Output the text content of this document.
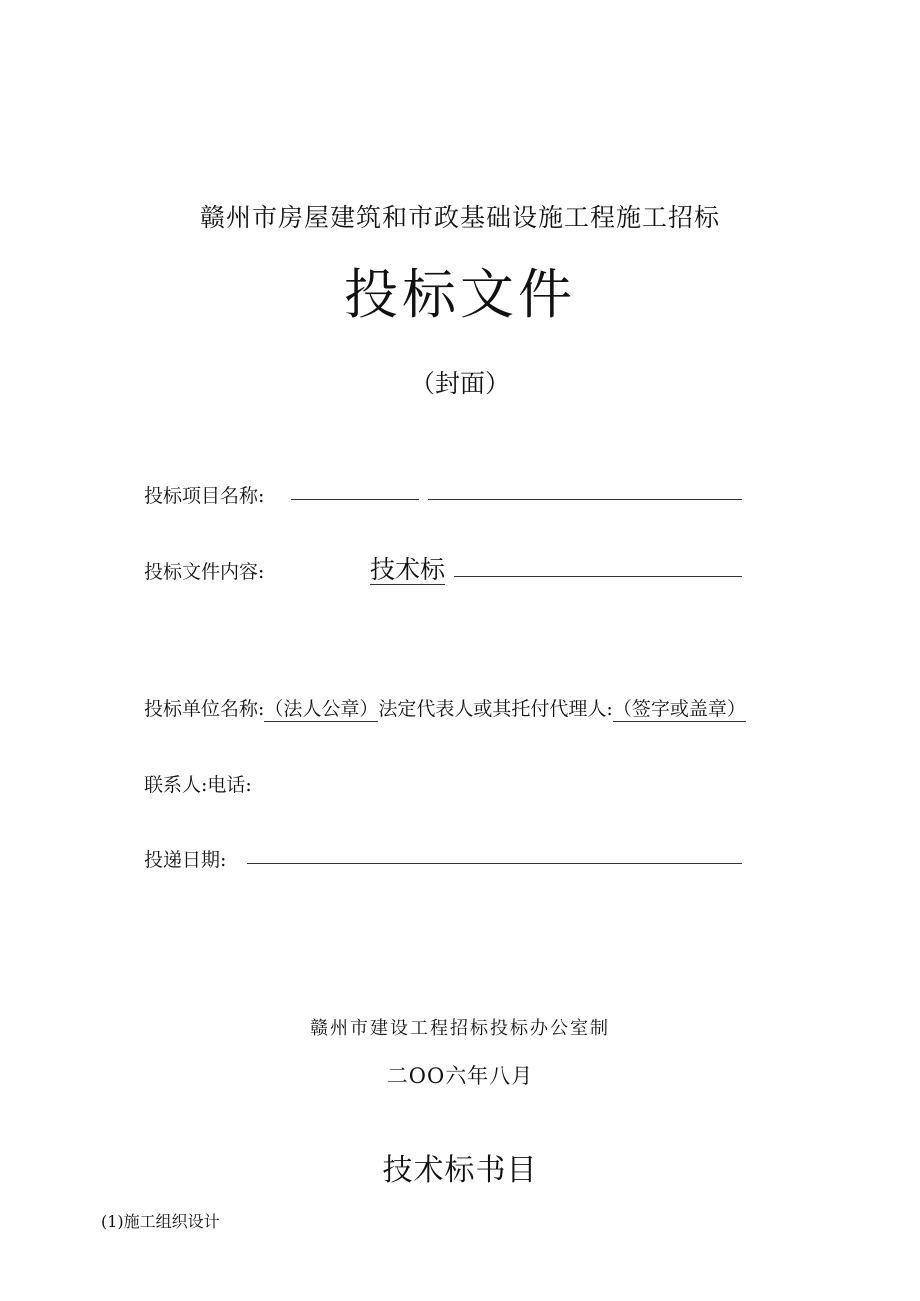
赣州市房屋建筑和市政基础设施工程施工招标
投标文件
（封面）
投标项目名称:
投标文件内容:	技术标
投标单位名称:（法人公章）法定代表人或其托付代理人:（签字或盖章）
联系人:电话:
投递日期:
赣州市建设工程招标投标办公室制
二OO六年八月
技术标书目
(1)施工组织设计
